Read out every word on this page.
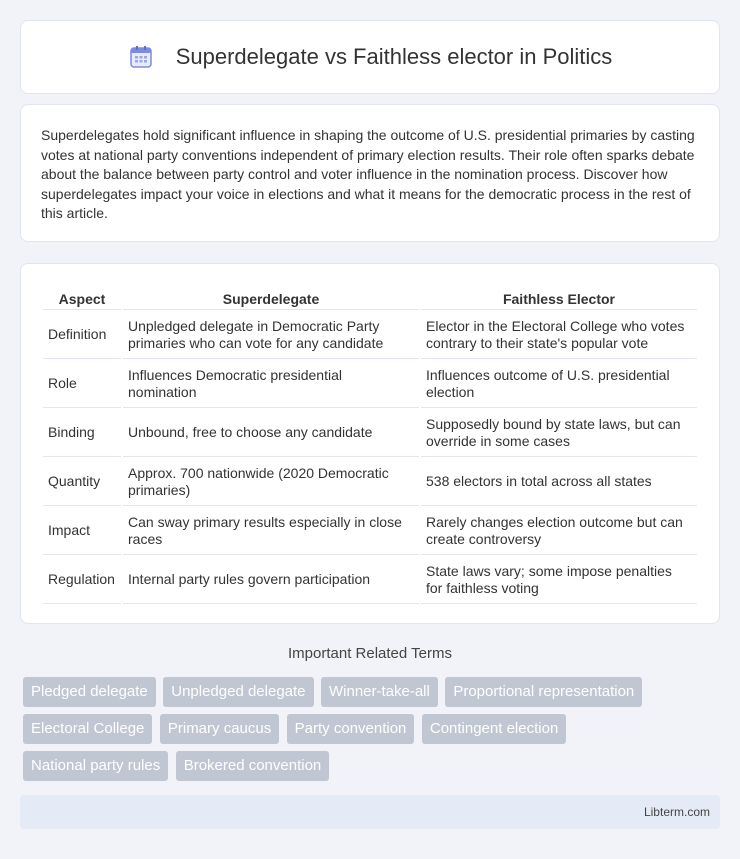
Superdelegate vs Faithless elector in Politics

Superdelegates hold significant influence in shaping the outcome of U.S. presidential primaries by casting votes at national party conventions independent of primary election results. Their role often sparks debate about the balance between party control and voter influence in the nomination process. Discover how superdelegates impact your voice in elections and what it means for the democratic process in the rest of this article.

Aspect	Superdelegate	Faithless Elector
Definition	Unpledged delegate in Democratic Party primaries who can vote for any candidate	Elector in the Electoral College who votes contrary to their state's popular vote
Role	Influences Democratic presidential nomination	Influences outcome of U.S. presidential election
Binding	Unbound, free to choose any candidate	Supposedly bound by state laws, but can override in some cases
Quantity	Approx. 700 nationwide (2020 Democratic primaries)	538 electors in total across all states
Impact	Can sway primary results especially in close races	Rarely changes election outcome but can create controversy
Regulation	Internal party rules govern participation	State laws vary; some impose penalties for faithless voting
Important Related Terms
Pledged delegate Unpledged delegate Winner-take-all Proportional representation Electoral College Primary caucus Party convention Contingent election National party rules Brokered convention
Libterm.com
